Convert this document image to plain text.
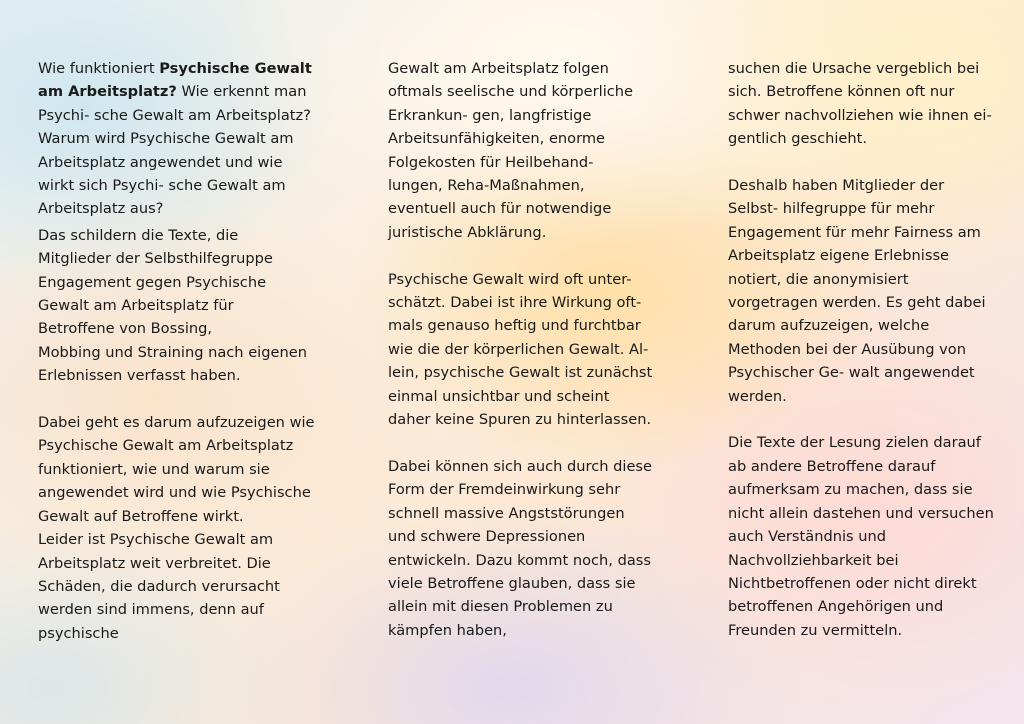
Wie funktioniert Psychische Gewalt
am Arbeitsplatz? Wie erkennt man
Psychi- sche Gewalt am Arbeitsplatz?
Warum wird Psychische Gewalt am
Arbeitsplatz angewendet und wie
wirkt sich Psychi- sche Gewalt am
Arbeitsplatz aus?
Das schildern die Texte, die
Mitglieder der Selbsthilfegruppe
Engagement gegen Psychische
Gewalt am Arbeitsplatz für
Betroffene von Bossing,
Mobbing und Straining nach eigenen
Erlebnissen verfasst haben.
Dabei geht es darum aufzuzeigen wie
Psychische Gewalt am Arbeitsplatz
funktioniert, wie und warum sie
angewendet wird und wie Psychische
Gewalt auf Betroffene wirkt.
Leider ist Psychische Gewalt am
Arbeitsplatz weit verbreitet. Die
Schäden, die dadurch verursacht
werden sind immens, denn auf
psychische
Gewalt am Arbeitsplatz folgen
oftmals seelische und körperliche
Erkrankun- gen, langfristige
Arbeitsunfähigkeiten, enorme
Folgekosten für Heilbehand-
lungen, Reha-Maßnahmen,
eventuell auch für notwendige
juristische Abklärung.
Psychische Gewalt wird oft unter-
schätzt. Dabei ist ihre Wirkung oft-
mals genauso heftig und furchtbar
wie die der körperlichen Gewalt. Al-
lein, psychische Gewalt ist zunächst
einmal unsichtbar und scheint
daher keine Spuren zu hinterlassen.
Dabei können sich auch durch diese
Form der Fremdeinwirkung sehr
schnell massive Angststörungen
und schwere Depressionen
entwickeln. Dazu kommt noch, dass
viele Betroffene glauben, dass sie
allein mit diesen Problemen zu
kämpfen haben,
suchen die Ursache vergeblich bei
sich. Betroffene können oft nur
schwer nachvollziehen wie ihnen ei-
gentlich geschieht.
Deshalb haben Mitglieder der
Selbst- hilfegruppe für mehr
Engagement für mehr Fairness am
Arbeitsplatz eigene Erlebnisse
notiert, die anonymisiert
vorgetragen werden. Es geht dabei
darum aufzuzeigen, welche
Methoden bei der Ausübung von
Psychischer Ge- walt angewendet
werden.
Die Texte der Lesung zielen darauf
ab andere Betroffene darauf
aufmerksam zu machen, dass sie
nicht allein dastehen und versuchen
auch Verständnis und
Nachvollziehbarkeit bei
Nichtbetroffenen oder nicht direkt
betroffenen Angehörigen und
Freunden zu vermitteln.
